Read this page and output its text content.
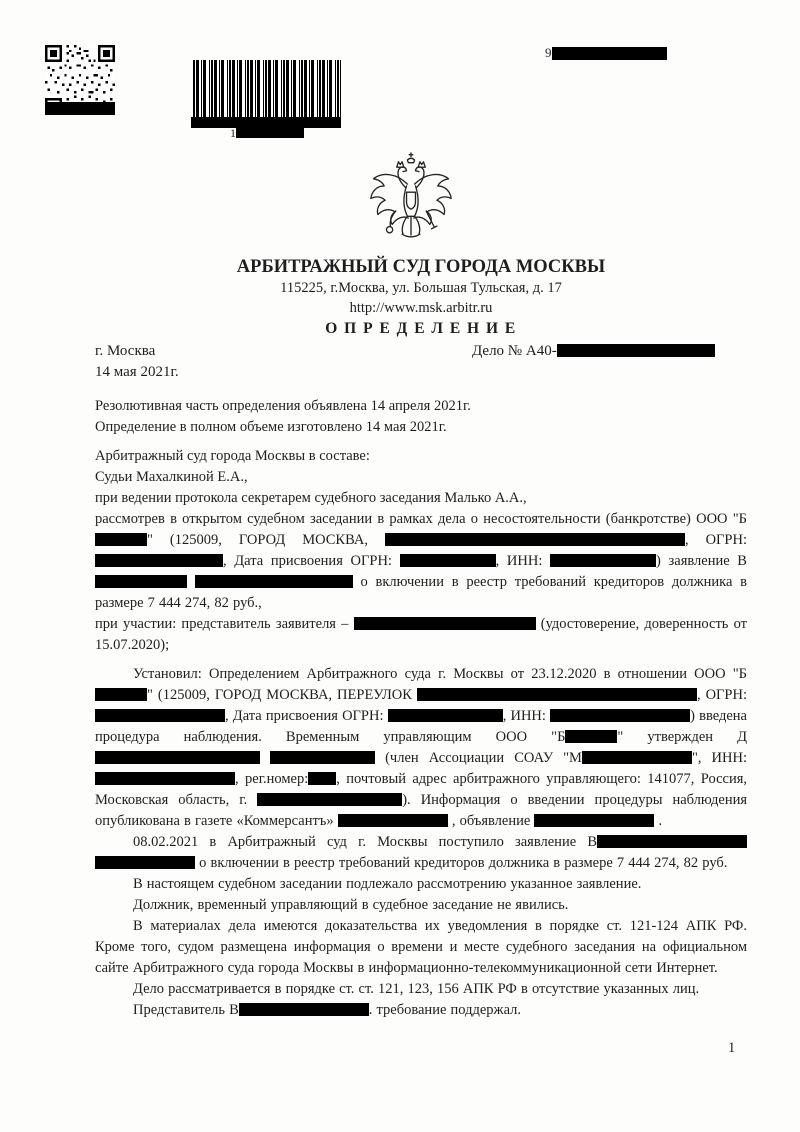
1
9
АРБИТРАЖНЫЙ СУД ГОРОДА МОСКВЫ
115225, г.Москва, ул. Большая Тульская, д. 17
http://www.msk.arbitr.ru
О П Р Е Д Е Л Е Н И Е
г. Москва	Дело № А40-
14 мая 2021г.

Резолютивная часть определения объявлена 14 апреля 2021г.

Определение в полном объеме изготовлено 14 мая 2021г.

Арбитражный суд города Москвы в составе:

Судьи Махалкиной Е.А.,

при ведении протокола секретарем судебного заседания Малько А.А.,

рассмотрев в открытом судебном заседании в рамках дела о несостоятельности (банкротстве) ООО "Б" (125009, ГОРОД МОСКВА,	, ОГРН: , Дата присвоения ОГРН:	, ИНН:	) заявление В  о включении в реестр требований кредиторов должника в размере 7 444 274, 82 руб.,

при участии: представитель заявителя –	(удостоверение, доверенность от 15.07.2020);

Установил: Определением Арбитражного суда г. Москвы от 23.12.2020 в отношении ООО "Б" (125009, ГОРОД МОСКВА, ПЕРЕУЛОК	, ОГРН: , Дата присвоения ОГРН:	, ИНН:	) введена процедура наблюдения. Временным управляющим ООО "Б	" утвержден Д  (член Ассоциации СОАУ "М	", ИНН:, рег.номер: , почтовый адрес арбитражного управляющего: 141077, Россия, Московская область, г.	). Информация о введении процедуры наблюдения опубликована в газете «Коммерсантъ»	, объявление	.

08.02.2021 в Арбитражный суд г. Москвы поступило заявление В  о включении в реестр требований кредиторов должника в размере 7 444 274, 82 руб.

В настоящем судебном заседании подлежало рассмотрению указанное заявление.

Должник, временный управляющий в судебное заседание не явились.

В материалах дела имеются доказательства их уведомления в порядке ст. 121-124 АПК РФ. Кроме того, судом размещена информация о времени и месте судебного заседания на официальном сайте Арбитражного суда города Москвы в информационно-телекоммуникационной сети Интернет.

Дело рассматривается в порядке ст. ст. 121, 123, 156 АПК РФ в отсутствие указанных лиц.

Представитель В	. требование поддержал.

1
